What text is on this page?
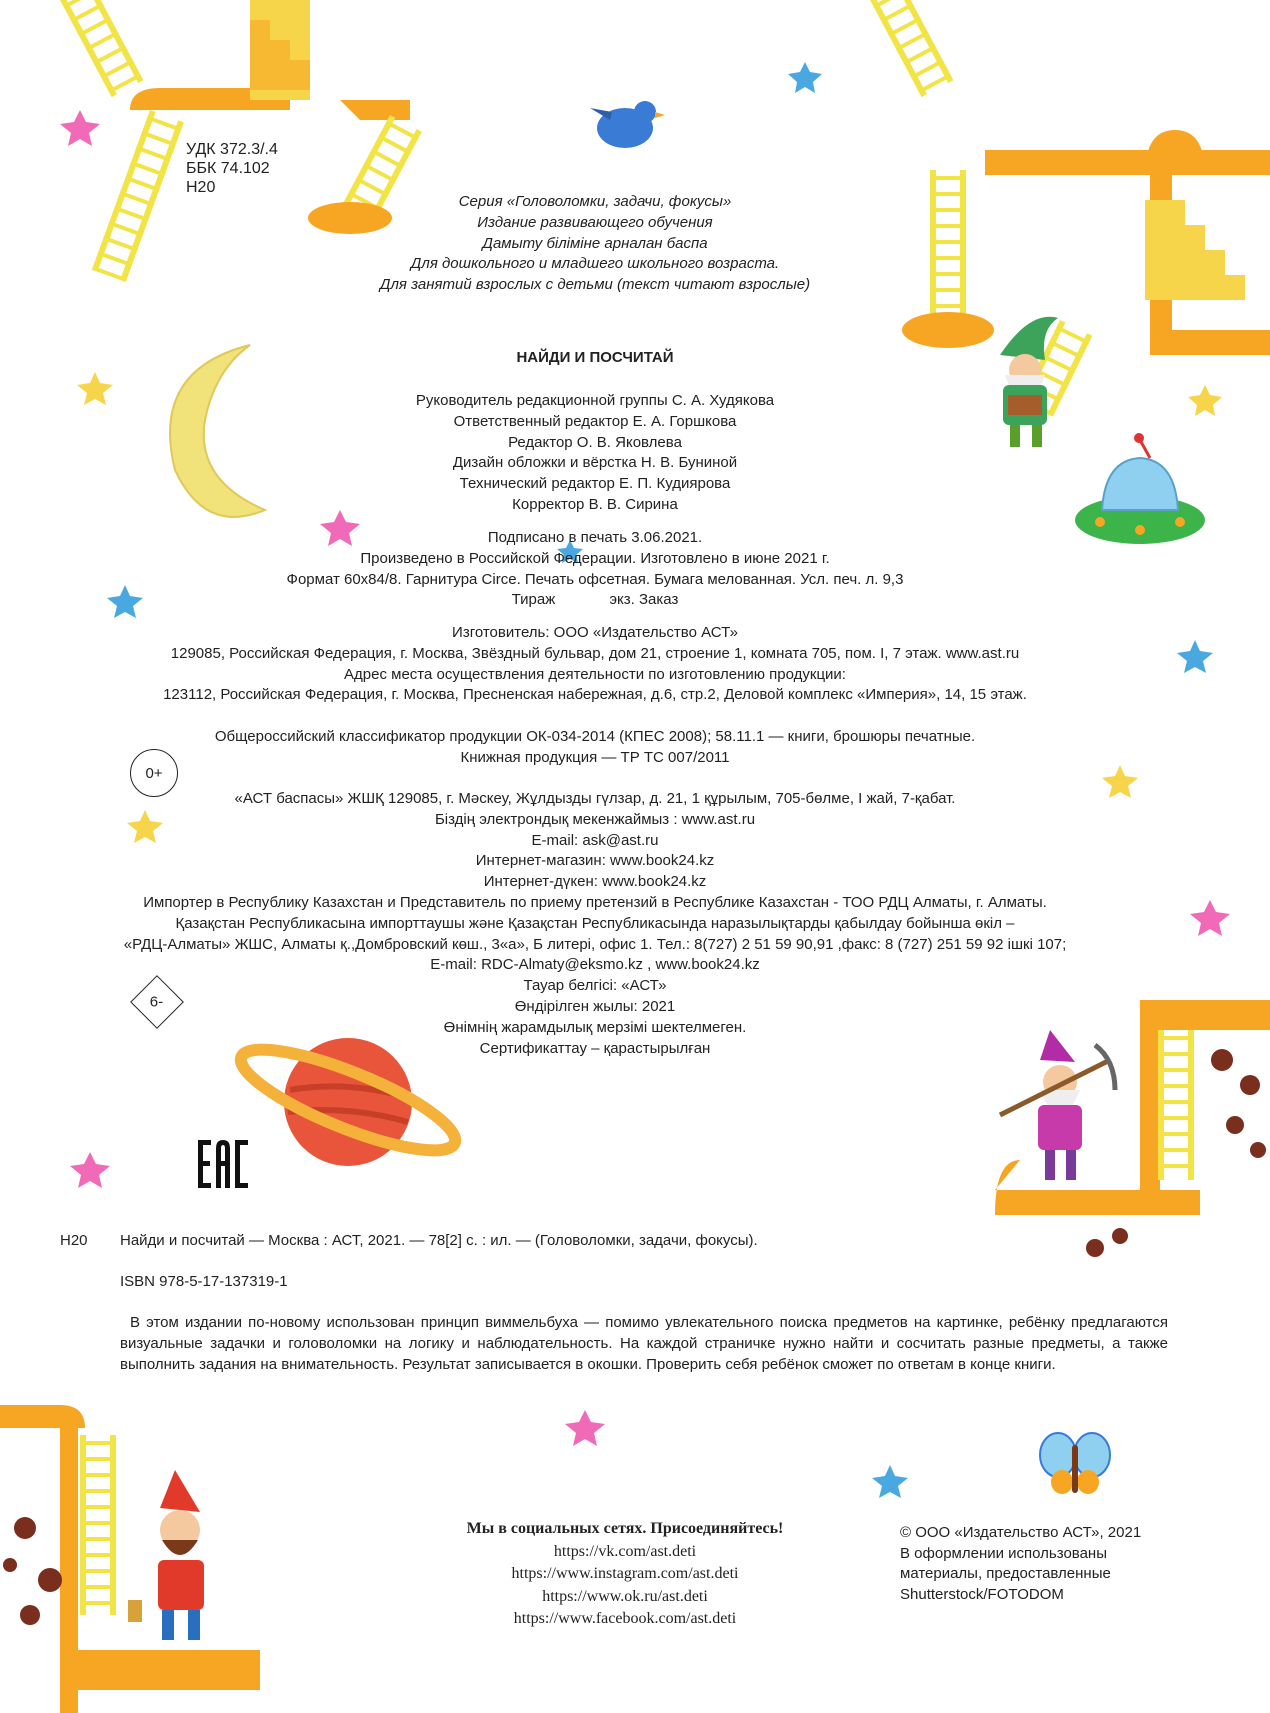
УДК 372.3/.4
ББК 74.102
Н20
Серия «Головоломки, задачи, фокусы»
Издание развивающего обучения
Дамыту біліміне арналан баспа
Для дошкольного и младшего школьного возраста.
Для занятий взрослых с детьми (текст читают взрослые)
НАЙДИ И ПОСЧИТАЙ
Руководитель редакционной группы С. А. Худякова
Ответственный редактор Е. А. Горшкова
Редактор О. В. Яковлева
Дизайн обложки и вёрстка Н. В. Буниной
Технический редактор Е. П. Кудиярова
Корректор В. В. Сирина
Подписано в печать 3.06.2021.
Произведено в Российской Федерации. Изготовлено в июне 2021 г.
Формат 60x84/8. Гарнитура Circe. Печать офсетная. Бумага мелованная. Усл. печ. л. 9,3
Тираж             экз. Заказ
Изготовитель: ООО «Издательство АСТ»
129085, Российская Федерация, г. Москва, Звёздный бульвар, дом 21, строение 1, комната 705, пом. I, 7 этаж. www.ast.ru
Адрес места осуществления деятельности по изготовлению продукции:
123112, Российская Федерация, г. Москва, Пресненская набережная, д.6, стр.2, Деловой комплекс «Империя», 14, 15 этаж.
Общероссийский классификатор продукции ОК-034-2014 (КПЕС 2008); 58.11.1 — книги, брошюры печатные.
Книжная продукция — ТР ТС 007/2011
0+
«АСТ баспасы» ЖШҚ 129085, г. Мәскеу, Жұлдызды гүлзар, д. 21, 1 құрылым, 705-бөлме, I жай, 7-қабат.
Біздің электрондық мекенжаймыз : www.ast.ru
E-mail: ask@ast.ru
Интернет-магазин: www.book24.kz
Интернет-дүкен: www.book24.kz
Импортер в Республику Казахстан и Представитель по приему претензий в Республике Казахстан - ТОО РДЦ Алматы, г. Алматы.
Қазақстан Республикасына импорттаушы және Қазақстан Республикасында наразылықтарды қабылдау бойынша өкіл –
«РДЦ-Алматы» ЖШС, Алматы қ.,Домбровский көш., 3«а», Б литері, офис 1. Тел.: 8(727) 2 51 59 90,91 ,факс: 8 (727) 251 59 92 ішкі 107;
E-mail: RDC-Almaty@eksmo.kz , www.book24.kz
Тауар белгісі: «АСТ»
Өндірілген жылы: 2021
Өнімнің жарамдылық мерзімі шектелмеген.
Сертификаттау – қарастырылған
6-
Н20	Найди и посчитай — Москва : АСТ, 2021. — 78[2] с. : ил. — (Головоломки, задачи, фокусы).
ISBN 978-5-17-137319-1
В этом издании по-новому использован принцип виммельбуха — помимо увлекательного поиска предметов на картинке, ребёнку предлагаются визуальные задачки и головоломки на логику и наблюдательность. На каждой страничке нужно найти и сосчитать разные предметы, а также выполнить задания на внимательность. Результат записывается в окошки. Проверить себя ребёнок сможет по ответам в конце книги.
Мы в социальных сетях. Присоединяйтесь!
https://vk.com/ast.deti
https://www.instagram.com/ast.deti
https://www.ok.ru/ast.deti
https://www.facebook.com/ast.deti
© ООО «Издательство АСТ», 2021
В оформлении использованы
материалы, предоставленные
Shutterstock/FOTODOM
